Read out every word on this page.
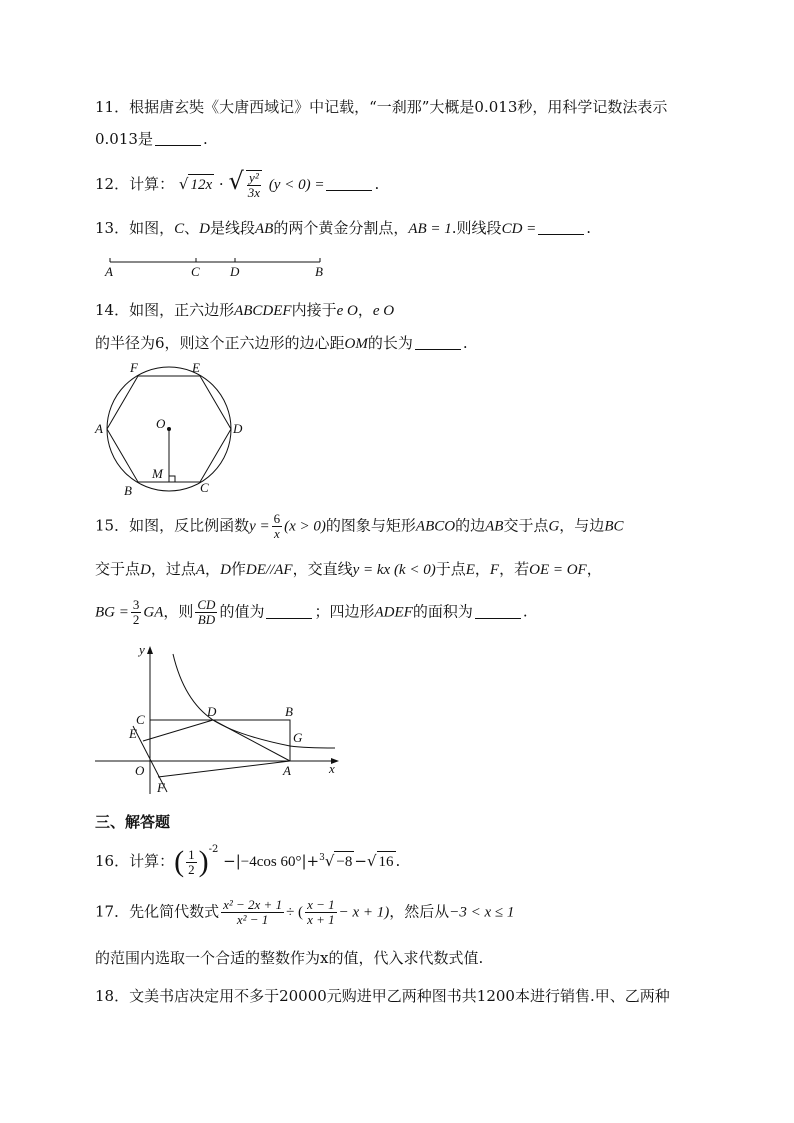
11．根据唐玄奘《大唐西域记》中记载，“一刹那”大概是0.013秒，用科学记数法表示
0.013是	.
12．计算： √ 12x · √ $\frac{\text{y²}}{3x} (y < 0)$ =	.
13．如图，C、D是线段AB的两个黄金分割点，AB = 1.则线段CD =	.
A	C D	B
14．如图，正六边形ABCDEF内接于e O，e O
的半径为6，则这个正六边形的边心距OM的长为	.
F	E
A	D
O
M
B	C
15．如图，反比例函数$y = \frac{6}{x} (x > 0)$的图象与矩形ABCO的边AB交于点G，与边BC
交于点D，过点A，D作DE//AF，交直线y = kx (k < 0)于点E，F，若OE = OF，
BG = $\frac{3}{2}$ GA，则 $\frac{CD}{BD}$ 的值为	；四边形ADEF的面积为	.
y
C
D	B
E	G
O	A	x
F
三、解答题
16．计算：( $\frac{1}{2} )^{-2} -|-4\cos$ 60°|+$^3$√ −8 −√ 16 .
17．先化简代数式 $\frac{\text{x² − 2x + 1}}{\text{x² − 1}}$ ÷ ( $\frac{x - 1}{x + 1} - x + 1$)，然后从−3 < x ≤ 1
的范围内选取一个合适的整数作为x的值，代入求代数式值.
18．文美书店决定用不多于20000元购进甲乙两种图书共1200本进行销售.甲、乙两种
